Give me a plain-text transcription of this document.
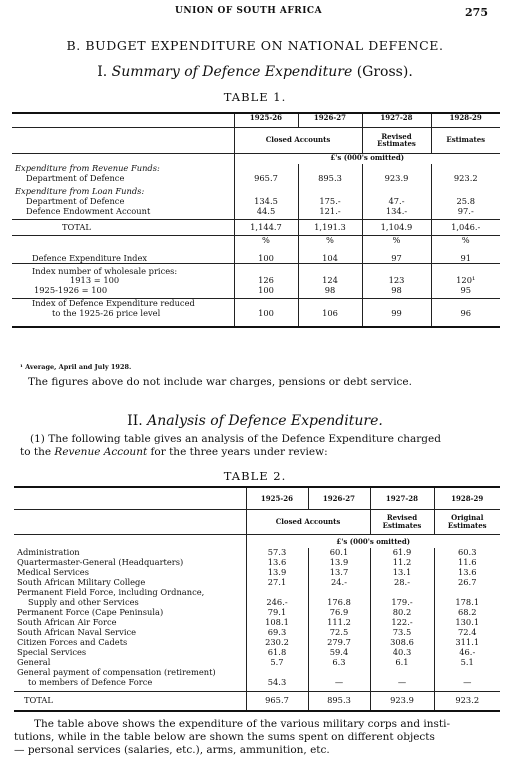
UNION OF SOUTH AFRICA	275
B. BUDGET EXPENDITURE ON NATIONAL DEFENCE.
I. Summary of Defence Expenditure (Gross).
TABLE 1.
	1925-26	1926-27	1927-28	1928-29
	Closed Accounts		Revised Estimates	Estimates
	£'s (000's omitted)			
Expenditure from Revenue Funds:				
Department of Defence	965.7	895.3	923.9	923.2
Expenditure from Loan Funds:				
Department of Defence	134.5	175.-	47.-	25.8
Defence Endowment Account	44.5	121.-	134.-	97.-
TOTAL	1,144.7	1,191.3	1,104.9	1,046.-
	%	%	%	%
Defence Expenditure Index	100	104	97	91
Index number of wholesale prices:				
1913 = 100	126	124	123	120¹
1925-1926 = 100	100	98	98	95
Index of Defence Expenditure reduced				
to the 1925-26 price level	100	106	99	96
¹ Average, April and July 1928.
The figures above do not include war charges, pensions or debt service.
II. Analysis of Defence Expenditure.
(1) The following table gives an analysis of the Defence Expenditure charged
to the Revenue Account for the three years under review:
TABLE 2.
	1925-26	1926-27	1927-28	1928-29
	Closed Accounts		Revised Estimates	Original Estimates
	£'s (000's omitted)			
Administration	57.3	60.1	61.9	60.3
Quartermaster-General (Headquarters)	13.6	13.9	11.2	11.6
Medical Services	13.9	13.7	13.1	13.6
South African Military College	27.1	24.-	28.-	26.7
Permanent Field Force, including Ordnance,				
Supply and other Services	246.-	176.8	179.-	178.1
Permanent Force (Cape Peninsula)	79.1	76.9	80.2	68.2
South African Air Force	108.1	111.2	122.-	130.1
South African Naval Service	69.3	72.5	73.5	72.4
Citizen Forces and Cadets	230.2	279.7	308.6	311.1
Special Services	61.8	59.4	40.3	46.-
General	5.7	6.3	6.1	5.1
General payment of compensation (retirement)				
to members of Defence Force	54.3	—	—	—
TOTAL	965.7	895.3	923.9	923.2
The table above shows the expenditure of the various military corps and insti-
tutions, while in the table below are shown the sums spent on different objects
— personal services (salaries, etc.), arms, ammunition, etc.
